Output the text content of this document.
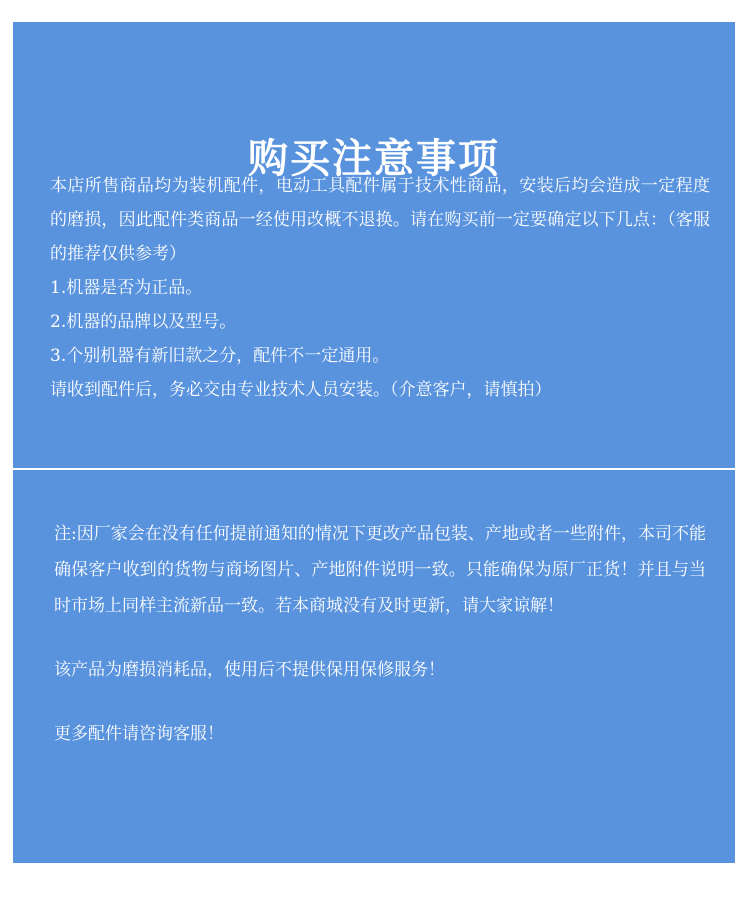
购买注意事项

本店所售商品均为装机配件，电动工具配件属于技术性商品，安装后均会造成一定程度的磨损，因此配件类商品一经使用改概不退换。请在购买前一定要确定以下几点：（客服的推荐仅供参考）

1.机器是否为正品。

2.机器的品牌以及型号。

3.个别机器有新旧款之分，配件不一定通用。

请收到配件后，务必交由专业技术人员安装。（介意客户，请慎拍）

注:因厂家会在没有任何提前通知的情况下更改产品包装、产地或者一些附件，本司不能确保客户收到的货物与商场图片、产地附件说明一致。只能确保为原厂正货！并且与当时市场上同样主流新品一致。若本商城没有及时更新，请大家谅解！

该产品为磨损消耗品，使用后不提供保用保修服务！

更多配件请咨询客服！
